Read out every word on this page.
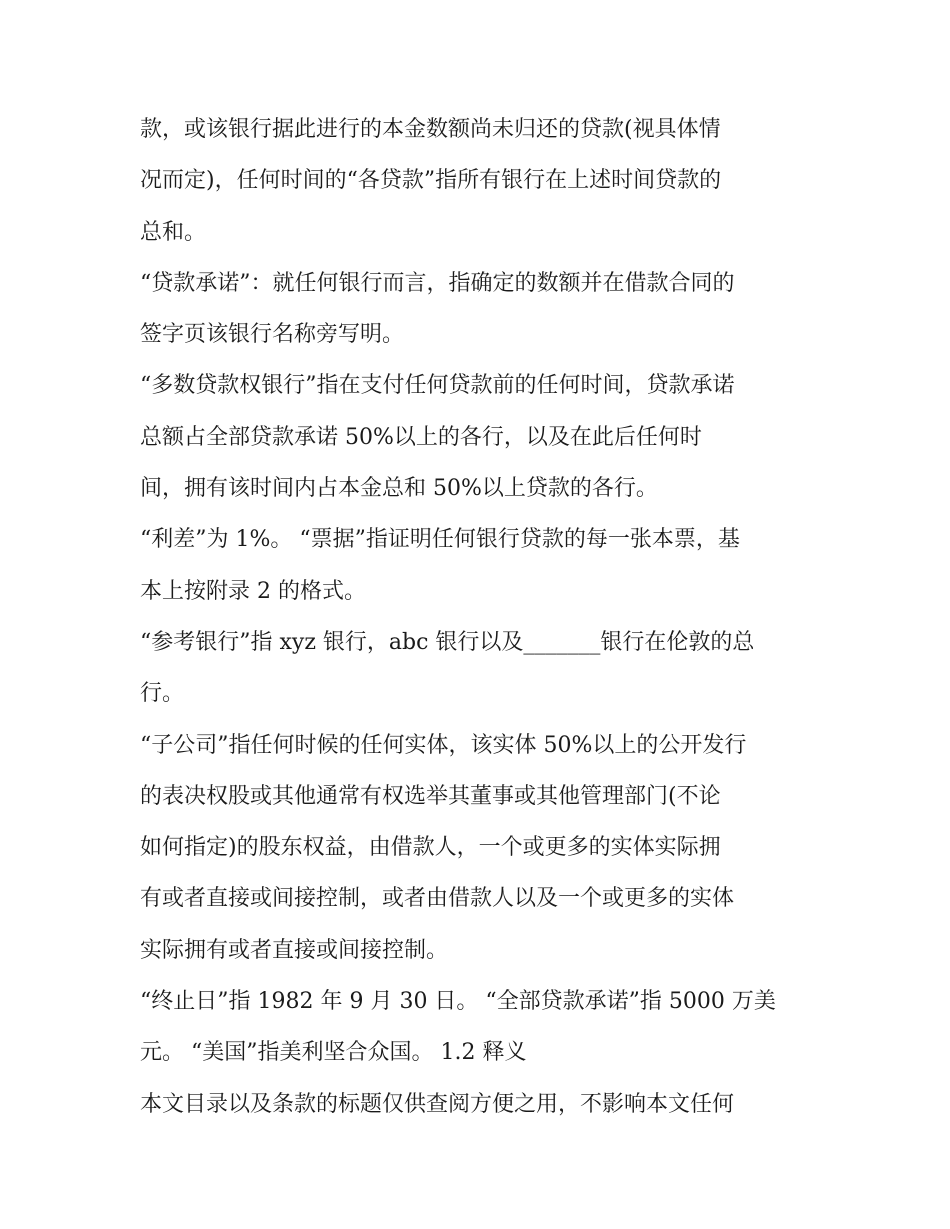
款，或该银行据此进行的本金数额尚未归还的贷款(视具体情
况而定)，任何时间的“各贷款”指所有银行在上述时间贷款的
总和。
“贷款承诺”：就任何银行而言，指确定的数额并在借款合同的
签字页该银行名称旁写明。
“多数贷款权银行”指在支付任何贷款前的任何时间，贷款承诺
总额占全部贷款承诺 50%以上的各行，以及在此后任何时
间，拥有该时间内占本金总和 50%以上贷款的各行。
“利差”为 1%。 “票据”指证明任何银行贷款的每一张本票，基
本上按附录 2 的格式。
“参考银行”指 xyz 银行，abc 银行以及_______银行在伦敦的总
行。
“子公司”指任何时候的任何实体，该实体 50%以上的公开发行
的表决权股或其他通常有权选举其董事或其他管理部门(不论
如何指定)的股东权益，由借款人，一个或更多的实体实际拥
有或者直接或间接控制，或者由借款人以及一个或更多的实体
实际拥有或者直接或间接控制。
“终止日”指 1982 年 9 月 30 日。 “全部贷款承诺”指 5000 万美
元。 “美国”指美利坚合众国。 1.2 释义
本文目录以及条款的标题仅供查阅方便之用，不影响本文任何
